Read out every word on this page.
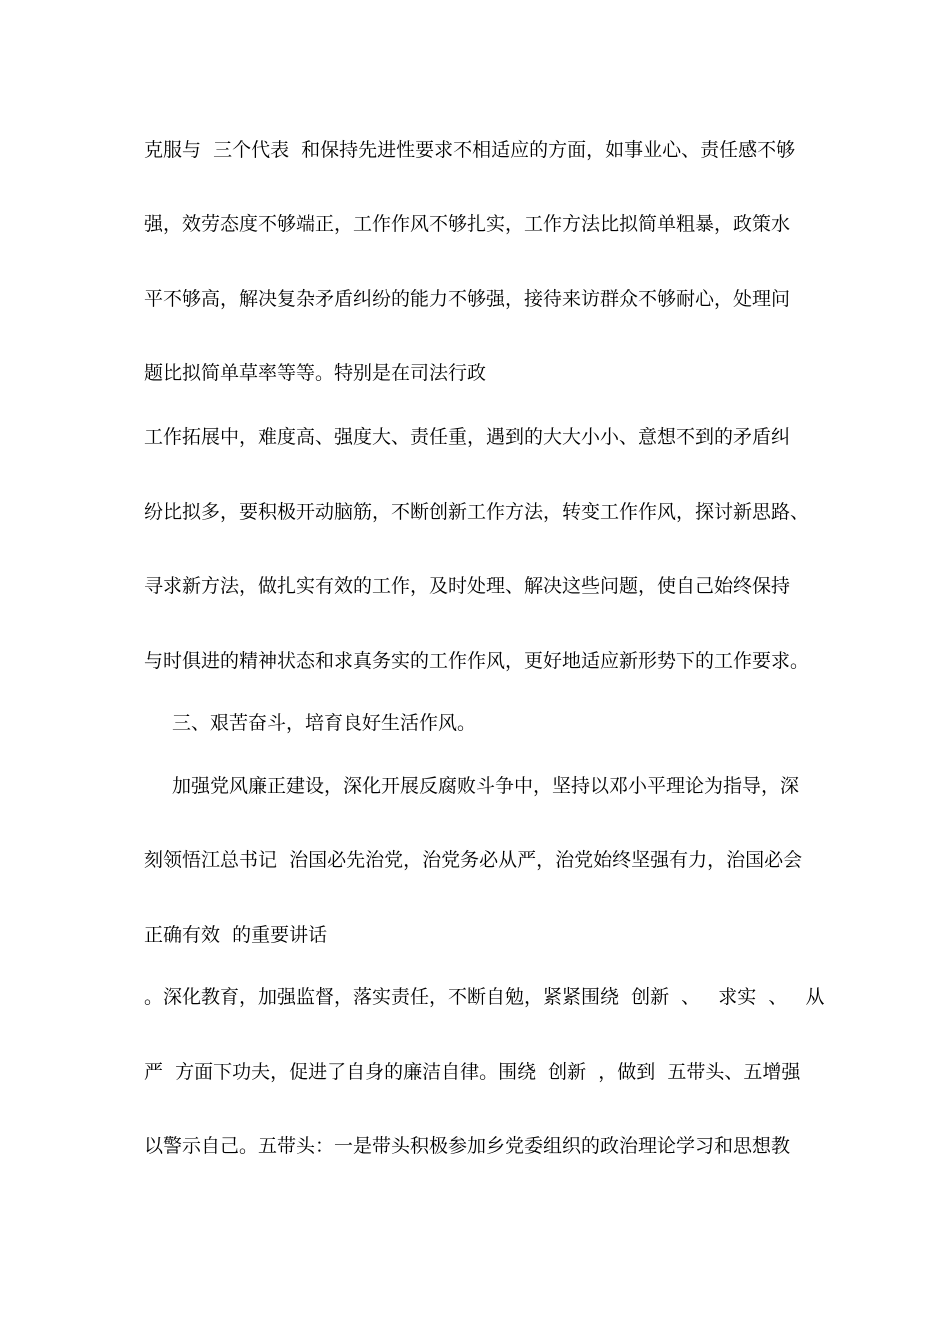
克服与  三个代表  和保持先进性要求不相适应的方面，如事业心、责任感不够
强，效劳态度不够端正，工作作风不够扎实，工作方法比拟简单粗暴，政策水
平不够高，解决复杂矛盾纠纷的能力不够强，接待来访群众不够耐心，处理问
题比拟简单草率等等。特别是在司法行政
工作拓展中，难度高、强度大、责任重，遇到的大大小小、意想不到的矛盾纠
纷比拟多，要积极开动脑筋，不断创新工作方法，转变工作作风，探讨新思路、
寻求新方法，做扎实有效的工作，及时处理、解决这些问题，使自己始终保持
与时俱进的精神状态和求真务实的工作作风，更好地适应新形势下的工作要求。
三、艰苦奋斗，培育良好生活作风。
加强党风廉正建设，深化开展反腐败斗争中，坚持以邓小平理论为指导，深
刻领悟江总书记  治国必先治党，治党务必从严，治党始终坚强有力，治国必会
正确有效  的重要讲话
。深化教育，加强监督，落实责任，不断自勉，紧紧围绕  创新  、   求实  、   从
严  方面下功夫，促进了自身的廉洁自律。围绕  创新  ，做到  五带头、五增强
以警示自己。五带头：一是带头积极参加乡党委组织的政治理论学习和思想教
